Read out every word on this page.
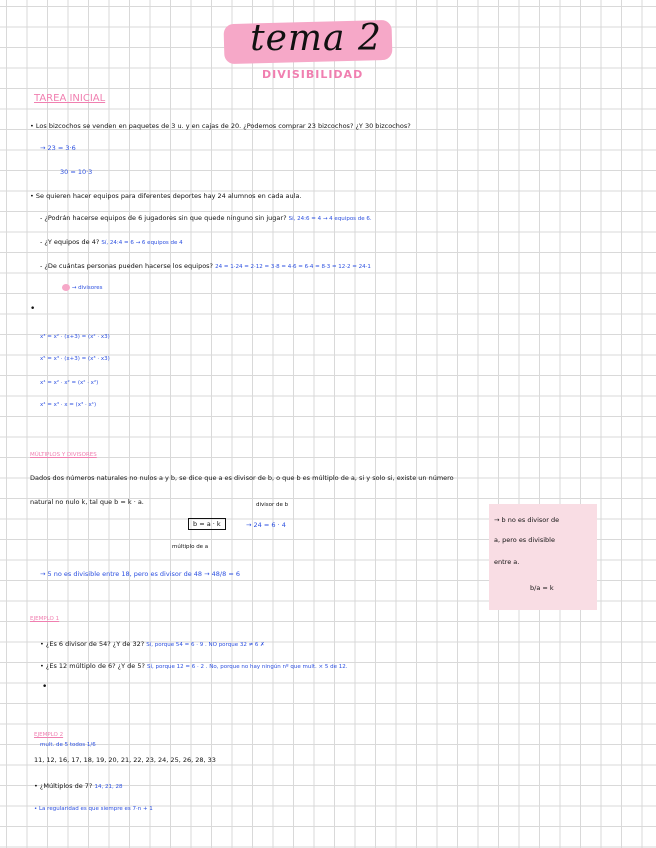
tema 2
DIVISIBILIDAD
TAREA INICIAL
• Los bizcochos se venden en paquetes de 3 u. y en cajas de 20. ¿Podemos comprar 23 bizcochos? ¿Y 30 bizcochos?
→ 23 = 3·6
30 = 10·3
• Se quieren hacer equipos para diferentes deportes hay 24 alumnos en cada aula.
- ¿Podrán hacerse equipos de 6 jugadores sin que quede ninguno sin jugar? Sí, 24:6 = 4 → 4 equipos de 6.
- ¿Y equipos de 4? Sí, 24:4 = 6 → 6 equipos de 4
- ¿De cuántas personas pueden hacerse los equipos? 24 = 1·24 = 2·12 = 3·8 = 4·6 = 6·4 = 8·3 = 12·2 = 24·1
→ divisores
•
x³ = x² · (x+3) = (x² · x3)
x⁵ = x³ · (x+3) = (x³ · x3)
x⁴ = x² · x² = (x² · x²)
x⁴ = x³ · x = (x³ · x¹)
MÚLTIPLOS Y DIVISORES
Dados dos números naturales no nulos a y b, se dice que a es divisor de b, o que b es múltiplo de a, si y solo si, existe un número
natural no nulo k, tal que b = k · a.	divisor de b
b = a · k	→ 24 = 6 · 4
múltiplo de a
→ 5 no es divisible entre 18, pero es divisor de 48 → 48/8 = 6
→ b no es divisor de
a, pero es divisible
entre a.
b/a = k
EJEMPLO 1
• ¿Es 6 divisor de 54? ¿Y de 32? Sí, porque 54 = 6 · 9 . NO porque 32 ≠ 6 ✗
• ¿Es 12 múltiplo de 6? ¿Y de 5? Sí, porque 12 = 6 · 2 . No, porque no hay ningún nº que mult. × 5 de 12.
•
EJEMPLO 2
mult. de 5 todos 1/6
11, 12, 16, 17, 18, 19, 20, 21, 22, 23, 24, 25, 26, 28, 33
• ¿Múltiplos de 7? 14, 21, 28
• La regularidad es que siempre es 7·n + 1
